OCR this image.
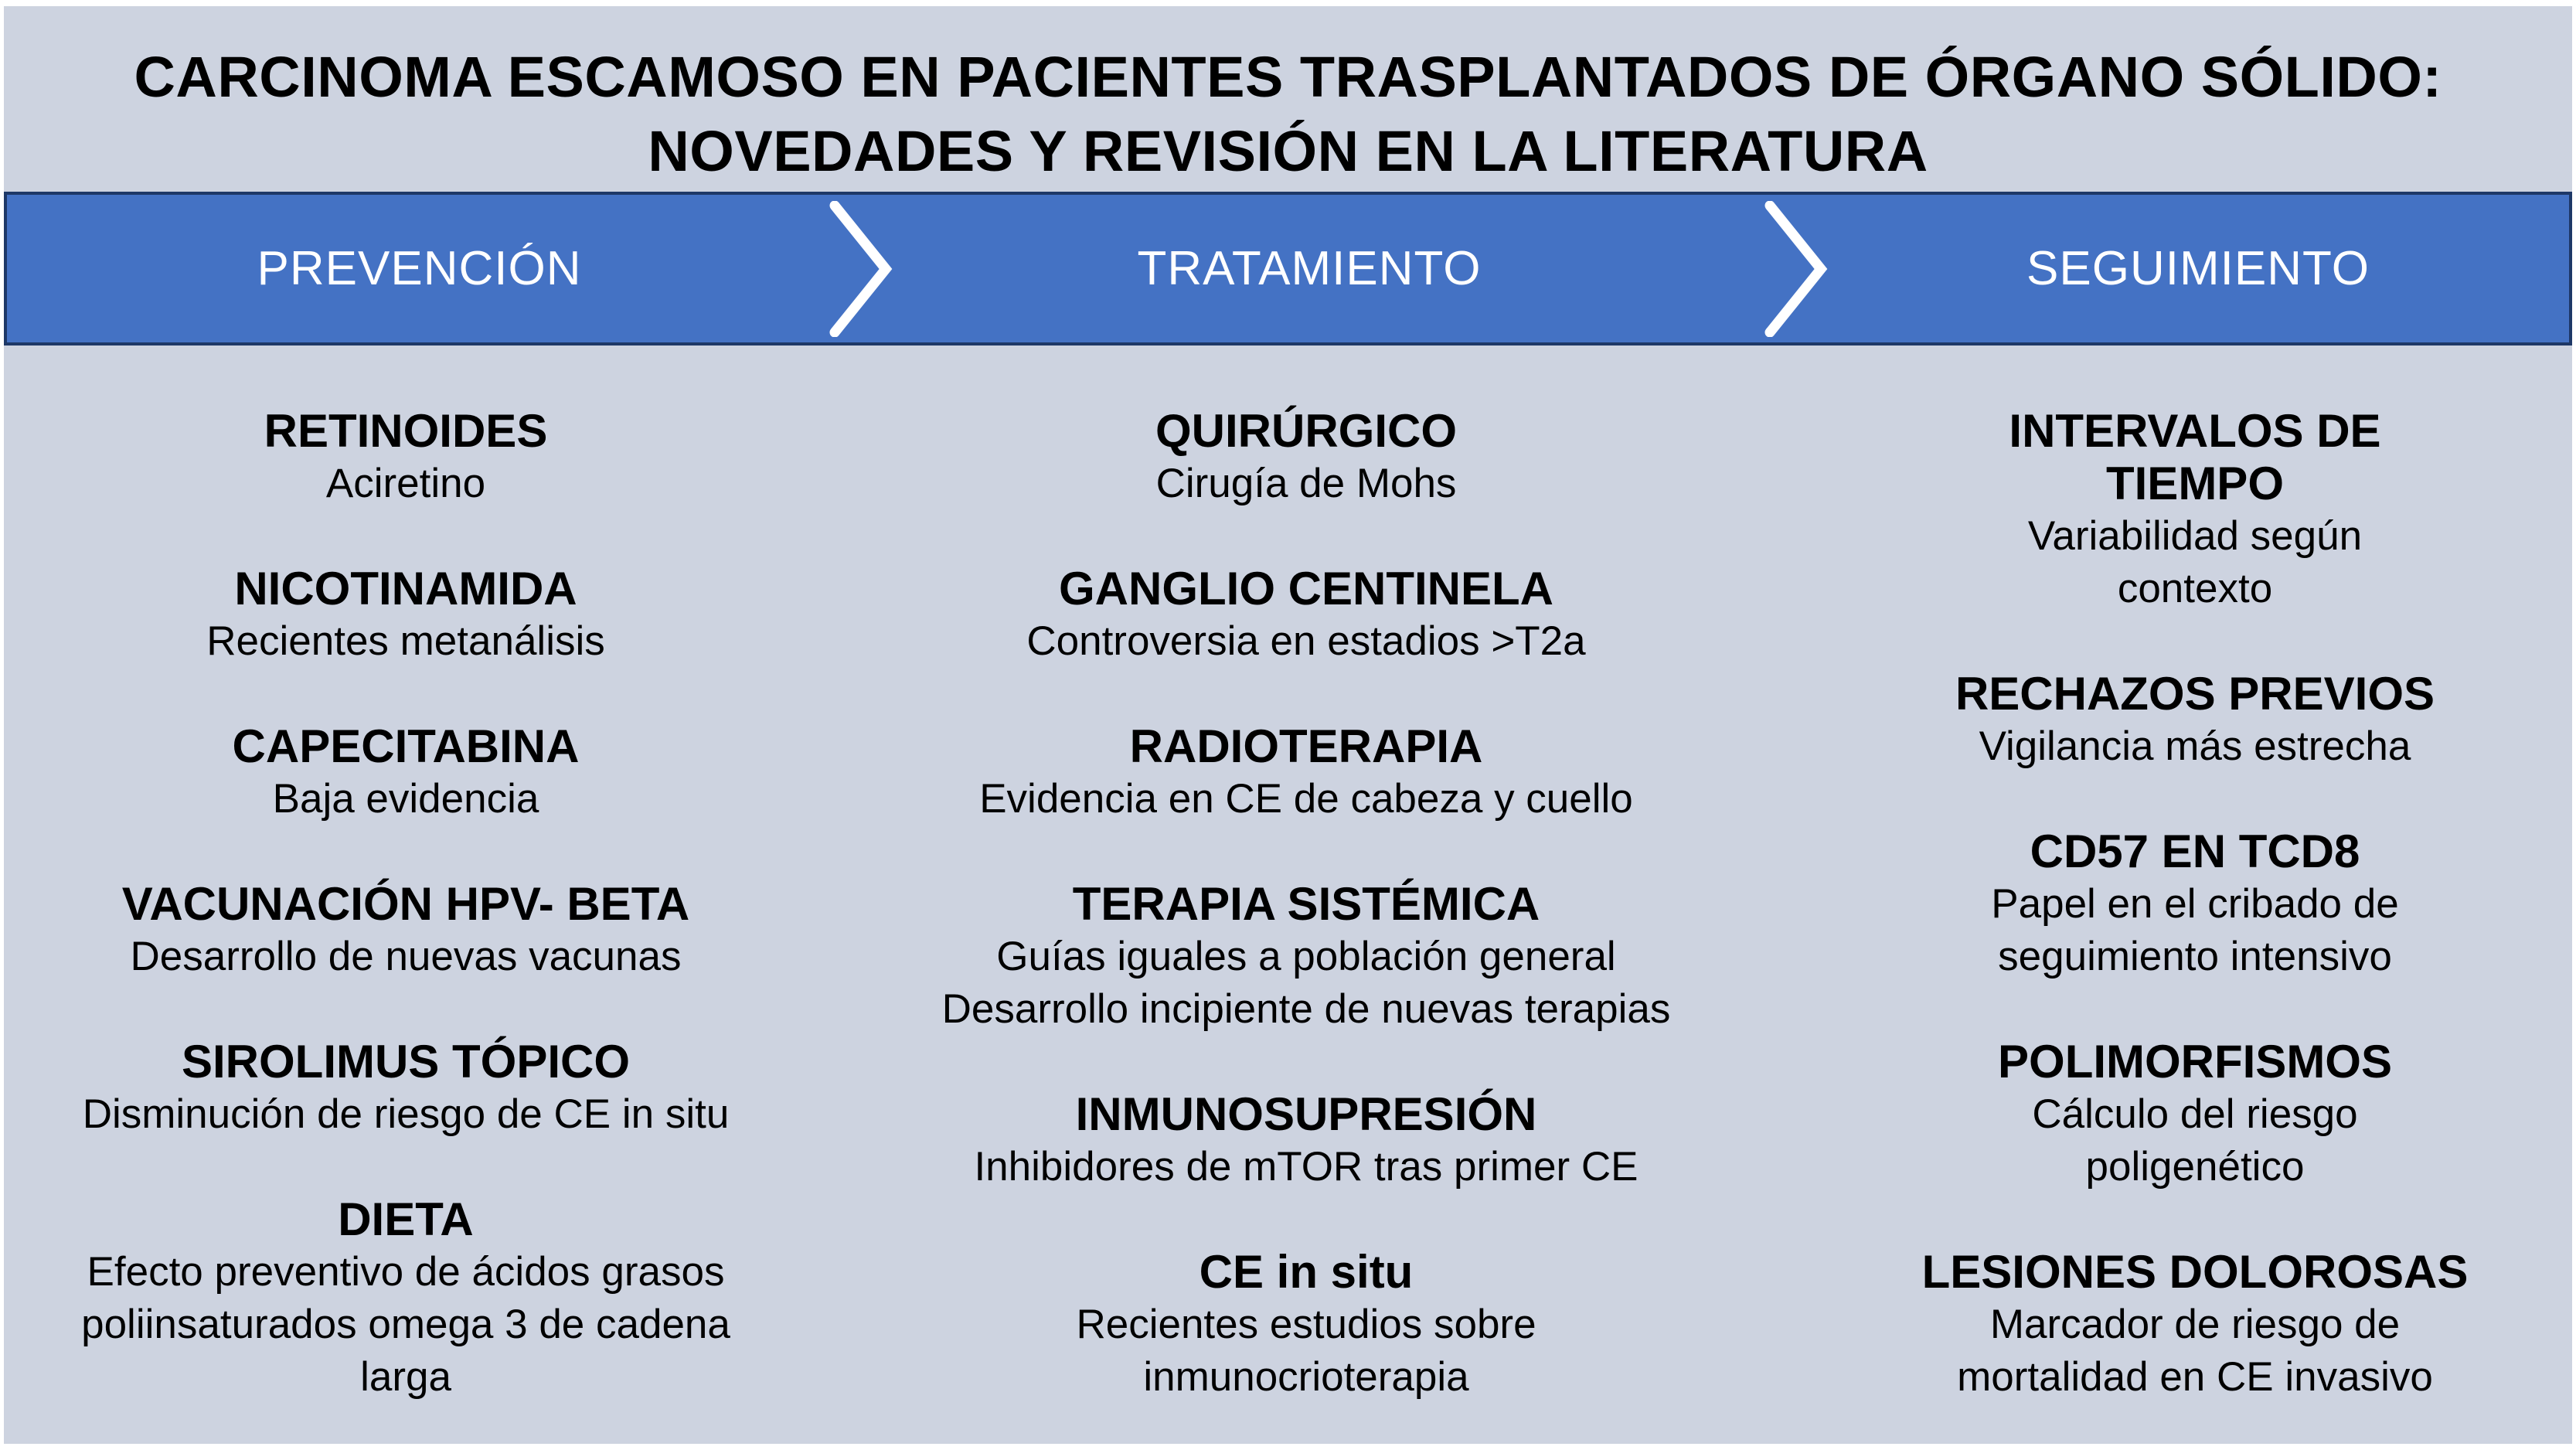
CARCINOMA ESCAMOSO EN PACIENTES TRASPLANTADOS DE ÓRGANO SÓLIDO:
NOVEDADES Y REVISIÓN EN LA LITERATURA
PREVENCIÓN	TRATAMIENTO	SEGUIMIENTO
RETINOIDES
Aciretino
NICOTINAMIDA
Recientes metanálisis
CAPECITABINA
Baja evidencia
VACUNACIÓN HPV- BETA
Desarrollo de nuevas vacunas
SIROLIMUS TÓPICO
Disminución de riesgo de CE in situ
DIETA
Efecto preventivo de ácidos grasos
poliinsaturados omega 3 de cadena
larga
QUIRÚRGICO
Cirugía de Mohs
GANGLIO CENTINELA
Controversia en estadios >T2a
RADIOTERAPIA
Evidencia en CE de cabeza y cuello
TERAPIA SISTÉMICA
Guías iguales a población general
Desarrollo incipiente de nuevas terapias
INMUNOSUPRESIÓN
Inhibidores de mTOR tras primer CE
CE in situ
Recientes estudios sobre
inmunocrioterapia
INTERVALOS DE
TIEMPO
Variabilidad según
contexto
RECHAZOS PREVIOS
Vigilancia más estrecha
CD57 EN TCD8
Papel en el cribado de
seguimiento intensivo
POLIMORFISMOS
Cálculo del riesgo
poligenético
LESIONES DOLOROSAS
Marcador de riesgo de
mortalidad en CE invasivo
